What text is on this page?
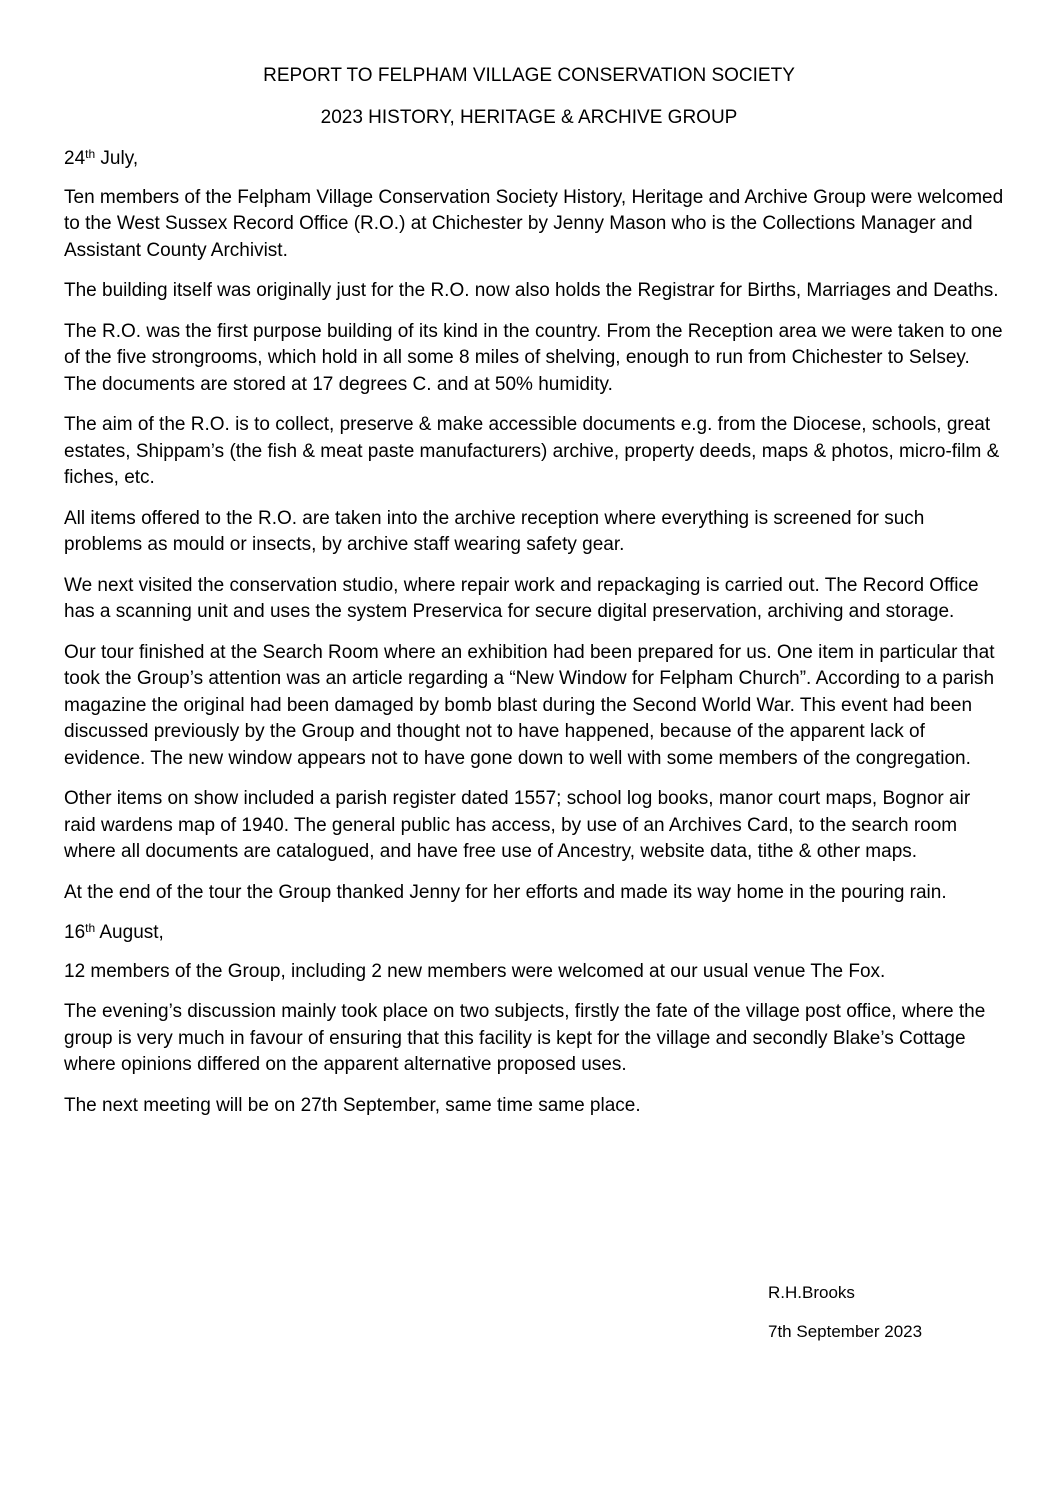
REPORT TO FELPHAM VILLAGE CONSERVATION SOCIETY
2023 HISTORY, HERITAGE & ARCHIVE GROUP

24th July,

Ten members of the Felpham Village Conservation Society History, Heritage and Archive Group were welcomed to the West Sussex Record Office (R.O.) at Chichester by Jenny Mason who is the Collections Manager and Assistant County Archivist.

The building itself was originally just for the R.O. now also holds the Registrar for Births, Marriages and Deaths.

The R.O. was the first purpose building of its kind in the country. From the Reception area we were taken to one of the five strongrooms, which hold in all some 8 miles of shelving, enough to run from Chichester to Selsey. The documents are stored at 17 degrees C. and at 50% humidity.

The aim of the R.O. is to collect, preserve & make accessible documents e.g. from the Diocese, schools, great estates, Shippam’s (the fish & meat paste manufacturers) archive, property deeds, maps & photos, micro-film & fiches, etc.

All items offered to the R.O. are taken into the archive reception where everything is screened for such problems as mould or insects, by archive staff wearing safety gear.

We next visited the conservation studio, where repair work and repackaging is carried out. The Record Office has a scanning unit and uses the system Preservica for secure digital preservation, archiving and storage.

Our tour finished at the Search Room where an exhibition had been prepared for us. One item in particular that took the Group’s attention was an article regarding a “New Window for Felpham Church”. According to a parish magazine the original had been damaged by bomb blast during the Second World War. This event had been discussed previously by the Group and thought not to have happened, because of the apparent lack of evidence. The new window appears not to have gone down to well with some members of the congregation.

Other items on show included a parish register dated 1557; school log books, manor court maps, Bognor air raid wardens map of 1940. The general public has access, by use of an Archives Card, to the search room where all documents are catalogued, and have free use of Ancestry, website data, tithe & other maps.

At the end of the tour the Group thanked Jenny for her efforts and made its way home in the pouring rain.

16th August,

12 members of the Group, including 2 new members were welcomed at our usual venue The Fox.

The evening’s discussion mainly took place on two subjects, firstly the fate of the village post office, where the group is very much in favour of ensuring that this facility is kept for the village and secondly Blake’s Cottage where opinions differed on the apparent alternative proposed uses.

The next meeting will be on 27th September, same time same place.

R.H.Brooks

7th September 2023
